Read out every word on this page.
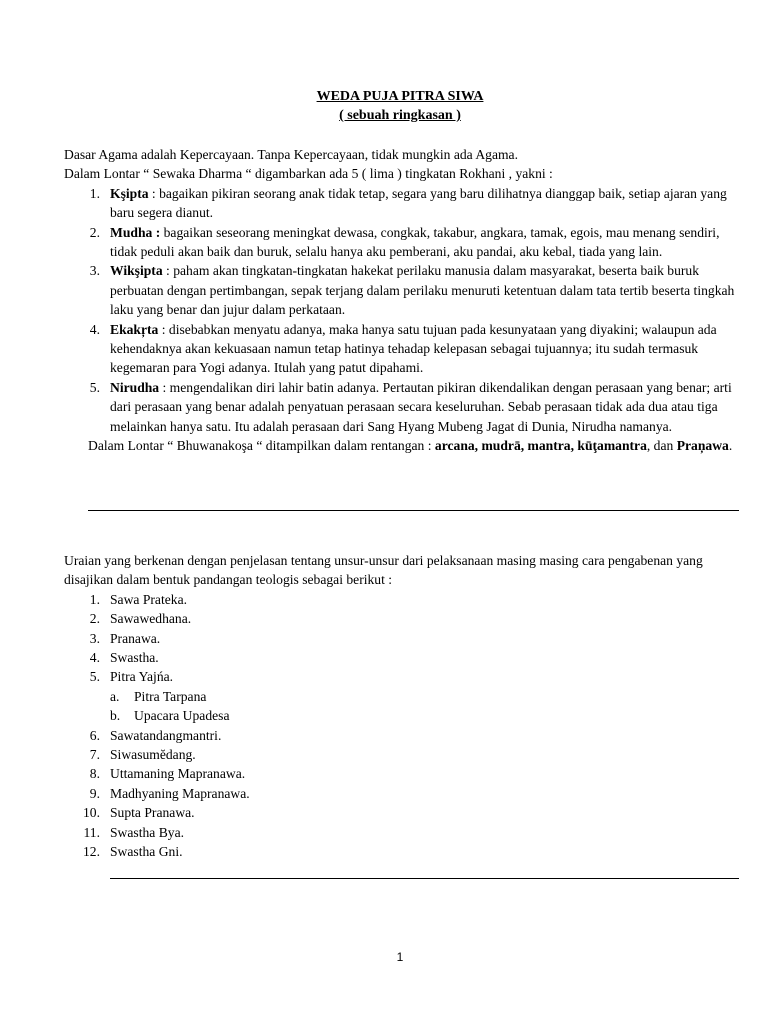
WEDA PUJA PITRA SIWA
( sebuah ringkasan )

Dasar Agama adalah Kepercayaan. Tanpa Kepercayaan, tidak mungkin ada Agama.

Dalam Lontar “ Sewaka Dharma “ digambarkan ada 5 ( lima ) tingkatan Rokhani , yakni :

1. Kşipta : bagaikan pikiran seorang anak tidak tetap, segara yang baru dilihatnya dianggap baik, setiap ajaran yang baru segera dianut.
2. Mudha : bagaikan seseorang meningkat dewasa, congkak, takabur, angkara, tamak, egois, mau menang sendiri, tidak peduli akan baik dan buruk, selalu hanya aku pemberani, aku pandai, aku kebal, tiada yang lain.
3. Wikşipta : paham akan tingkatan-tingkatan hakekat perilaku manusia dalam masyarakat, beserta baik buruk perbuatan dengan pertimbangan, sepak terjang dalam perilaku menuruti ketentuan dalam tata tertib beserta tingkah laku yang benar dan jujur dalam perkataan.
4. Ekakŗta : disebabkan menyatu adanya, maka hanya satu tujuan pada kesunyataan yang diyakini; walaupun ada kehendaknya akan kekuasaan namun tetap hatinya tehadap kelepasan sebagai tujuannya; itu sudah termasuk kegemaran para Yogi adanya. Itulah yang patut dipahami.
5. Nirudha : mengendalikan diri lahir batin adanya. Pertautan pikiran dikendalikan dengan perasaan yang benar; arti dari perasaan yang benar adalah penyatuan perasaan secara keseluruhan. Sebab perasaan tidak ada dua atau tiga melainkan hanya satu. Itu adalah perasaan dari Sang Hyang Mubeng Jagat di Dunia, Nirudha namanya.

Dalam Lontar “ Bhuwanakoşa “ ditampilkan dalam rentangan : arcana, mudrā, mantra, kūţamantra, dan Praņawa.

Uraian yang berkenan dengan penjelasan tentang unsur-unsur dari pelaksanaan masing masing cara pengabenan yang disajikan dalam bentuk pandangan teologis sebagai berikut :

1. Sawa Prateka.
2. Sawawedhana.
3. Pranawa.
4. Swastha.
5. Pitra Yajńa.
a.	Pitra Tarpana
b.	Upacara Upadesa
6. Sawatandangmantri.
7. Siwasumĕdang.
8. Uttamaning Mapranawa.
9. Madhyaning Mapranawa.
10. Supta Pranawa.
11. Swastha Bya.
12. Swastha Gni.
1
